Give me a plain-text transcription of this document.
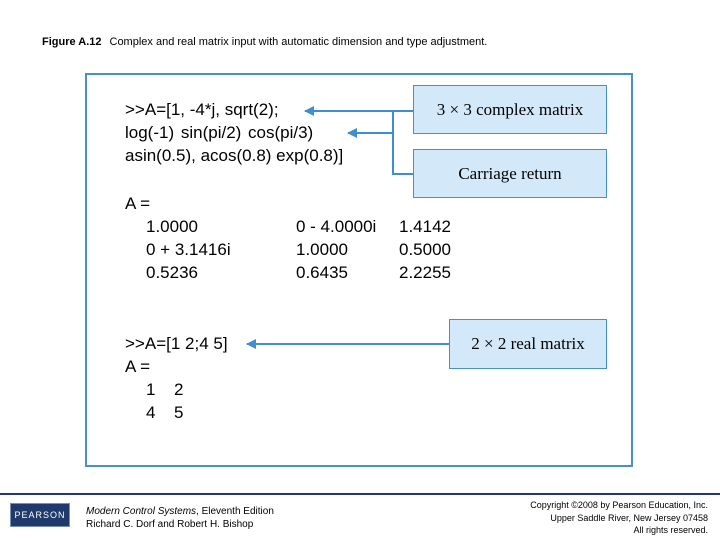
Figure A.12 Complex and real matrix input with automatic dimension and type adjustment.
>>A=[1, -4*j, sqrt(2);
log(-1) sin(pi/2) cos(pi/3)
asin(0.5), acos(0.8) exp(0.8)]
A =
1.0000
0 + 3.1416i
0.5236
0 - 4.0000i
1.0000
0.6435
1.4142
0.5000
2.2255
>>A=[1 2;4 5]
A =
1
4
2
5
3 × 3 complex matrix
Carriage return
2 × 2 real matrix
PEARSON	Modern Control Systems, Eleventh Edition
Richard C. Dorf and Robert H. Bishop
Copyright ©2008 by Pearson Education, Inc.
Upper Saddle River, New Jersey 07458
All rights reserved.
